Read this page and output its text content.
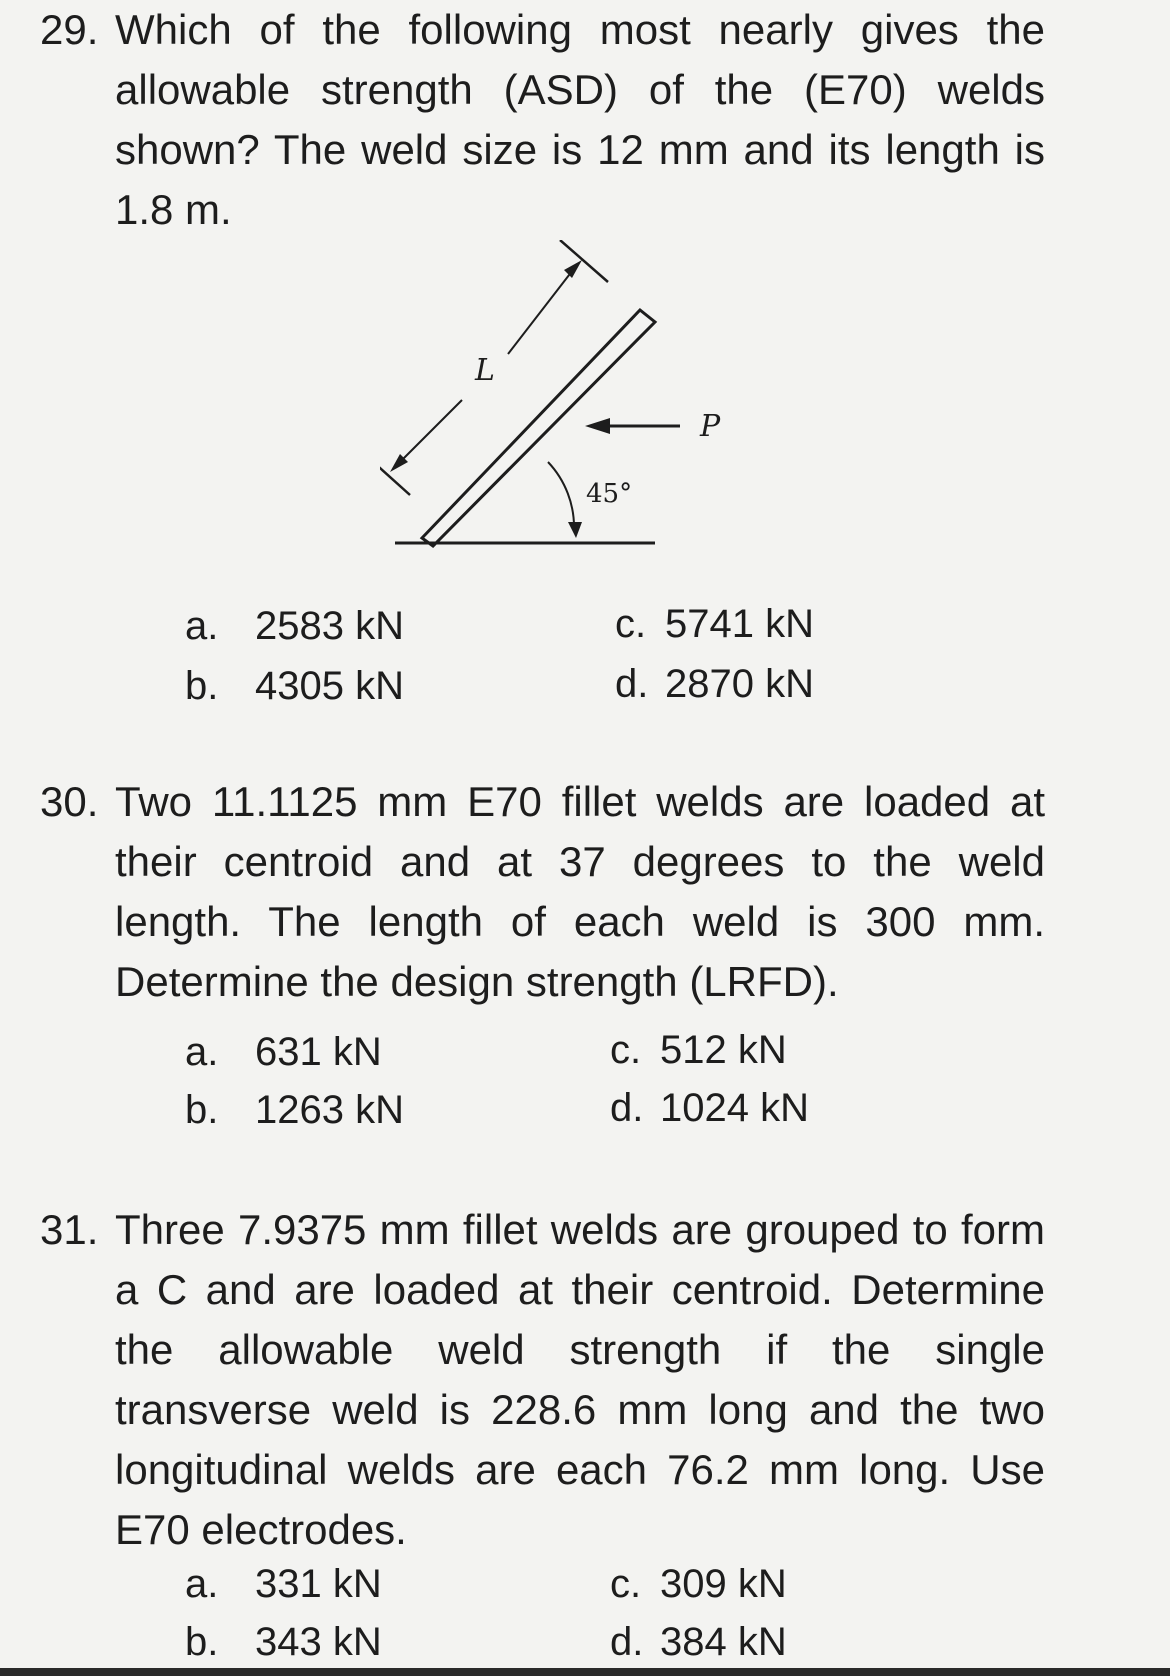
29. Which of the following most nearly gives the allowable strength (ASD) of the (E70) welds shown? The weld size is 12 mm and its length is 1.8 m.
L
P
45°
a. 2583 kN
b. 4305 kN
c. 5741 kN
d. 2870 kN
30. Two 11.1125 mm E70 fillet welds are loaded at their centroid and at 37 degrees to the weld length. The length of each weld is 300 mm. Determine the design strength (LRFD).
a. 631 kN
b. 1263 kN
c. 512 kN
d. 1024 kN
31. Three 7.9375 mm fillet welds are grouped to form a C and are loaded at their centroid. Determine the allowable weld strength if the single transverse weld is 228.6 mm long and the two longitudinal welds are each 76.2 mm long. Use E70 electrodes.
a. 331 kN
b. 343 kN
c. 309 kN
d. 384 kN
